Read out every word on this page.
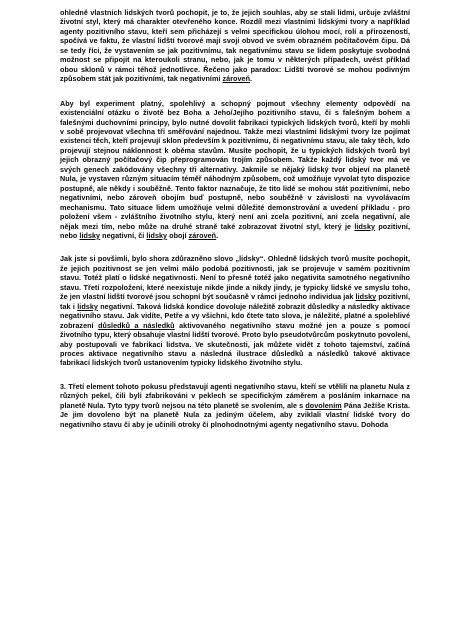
ohledně vlastních lidských tvorů pochopit, je to, že jejich souhlas, aby se stali lidmi, určuje zvláštní životní styl, který má charakter otevřeného konce. Rozdíl mezi vlastními lidskými tvory a například agenty pozitivního stavu, kteří sem přicházejí s velmi specifickou úlohou mocí, rolí a přirozeností, spočívá ve faktu, že vlastní lidští tvorové mají svoji obvod ve svém obrazném počítačovém čipu. Dá se tedy říci, že vystavením se jak pozitivnímu, tak negativnímu stavu se lidem poskytuje svobodná možnost se připojit na kteroukoli stranu, nebo, jak je tomu v některých případech, uvést příklad obou sklonů v rámci téhož jednotlivce. Řečeno jako paradox: Lidští tvorové se mohou podivným způsobem stát jak pozitivními, tak negativními zároveň.

Aby byl experiment platný, spolehlivý a schopný pojmout všechny elementy odpovědí na existenciální otázku o životě bez Boha a Jeho/Jejího pozitivního stavu, či s falešným bohem a falešnými duchovními principy, bylo nutné dovolit fabrikaci typických lidských tvorů, kteří by mohli v sobě projevovat všechna tři směřování najednou. Takže mezi vlastními lidskými tvory lze pojímat existenci těch, kteří projevují sklon především k pozitivnímu, či negativnímu stavu, ale taky těch, kdo projevují stejnou náklonnost k oběma stavům. Musíte pochopit, že u typických lidských tvorů byl jejich obrazný počítačový čip přeprogramován trojím způsobem. Takže každý lidský tvor má ve svých genech zakódovány všechny tři alternativy. Jakmile se nějaký lidský tvor objeví na planetě Nula, je vystaven různým situacím téměř náhodným způsobem, což umožňuje vyvolat tyto dispozice postupně, ale někdy i souběžně. Tento faktor naznačuje, že tito lidé se mohou stát pozitivními, nebo negativními, nebo zároveň obojím buď postupně, nebo souběžně v závislosti na vyvolávacím mechanismu. Tato situace lidem umožňuje velmi důležité demonstrování a uvedení příkladu - pro položení všem - zvláštního životního stylu, který není ani zcela pozitivní, ani zcela negativní, ale nějak mezi tím, nebo může na druhé straně také zobrazovat životní styl, který je lidsky pozitivní, nebo lidsky negativní, či lidsky obojí zároveň.

Jak jste si povšimli, bylo shora zdůrazněno slovo „lidsky“. Ohledně lidských tvorů musíte pochopit, že jejich pozitivnost se jen velmi málo podobá pozitivnosti, jak se projevuje v samém pozitivním stavu. Totéž platí o lidské negativnosti. Není to přesně totéž jako negativita samotného negativního stavu. Třetí rozpoložení, které neexistuje nikde jinde a nikdy jindy, je typicky lidské ve smyslu toho, že jen vlastní lidští tvorové jsou schopní být současně v rámci jednoho individua jak lidsky pozitivní, tak i lidsky negativní. Taková lidská kondice dovoluje náležitě zobrazit důsledky a následky aktivace negativního stavu. Jak vidíte, Petře a vy všichni, kdo čtete tato slova, je náležité, platné a spolehlivé zobrazení důsledků a následků aktivovaného negativního stavu možné jen a pouze s pomocí životního typu, který obsahuje vlastní lidští tvorové. Proto bylo pseudotvůrcům poskytnuto povolení, aby postupovali ve fabrikaci lidstva. Ve skutečnosti, jak můžete vidět z tohoto tajemství, začíná proces aktivace negativního stavu a následná ilustrace důsledků a následků takové aktivace fabrikací lidských tvorů ustanovením typicky lidského životního stylu.

3. Třetí element tohoto pokusu představují agenti negativního stavu, kteří se vtělili na planetu Nula z různých pekel, čili byli zfabrikováni v peklech se specifickým záměrem a posláním inkarnace na planetě Nula. Tyto typy tvorů nejsou na této planetě se svolením, ale s dovolením Pána Ježíše Krista. Je jim dovoleno být na planetě Nula za jediným účelem, aby zviklali vlastní lidské tvory do negativního stavu či aby je učinili otroky či plnohodnotnými agenty negativního stavu. Dohoda
